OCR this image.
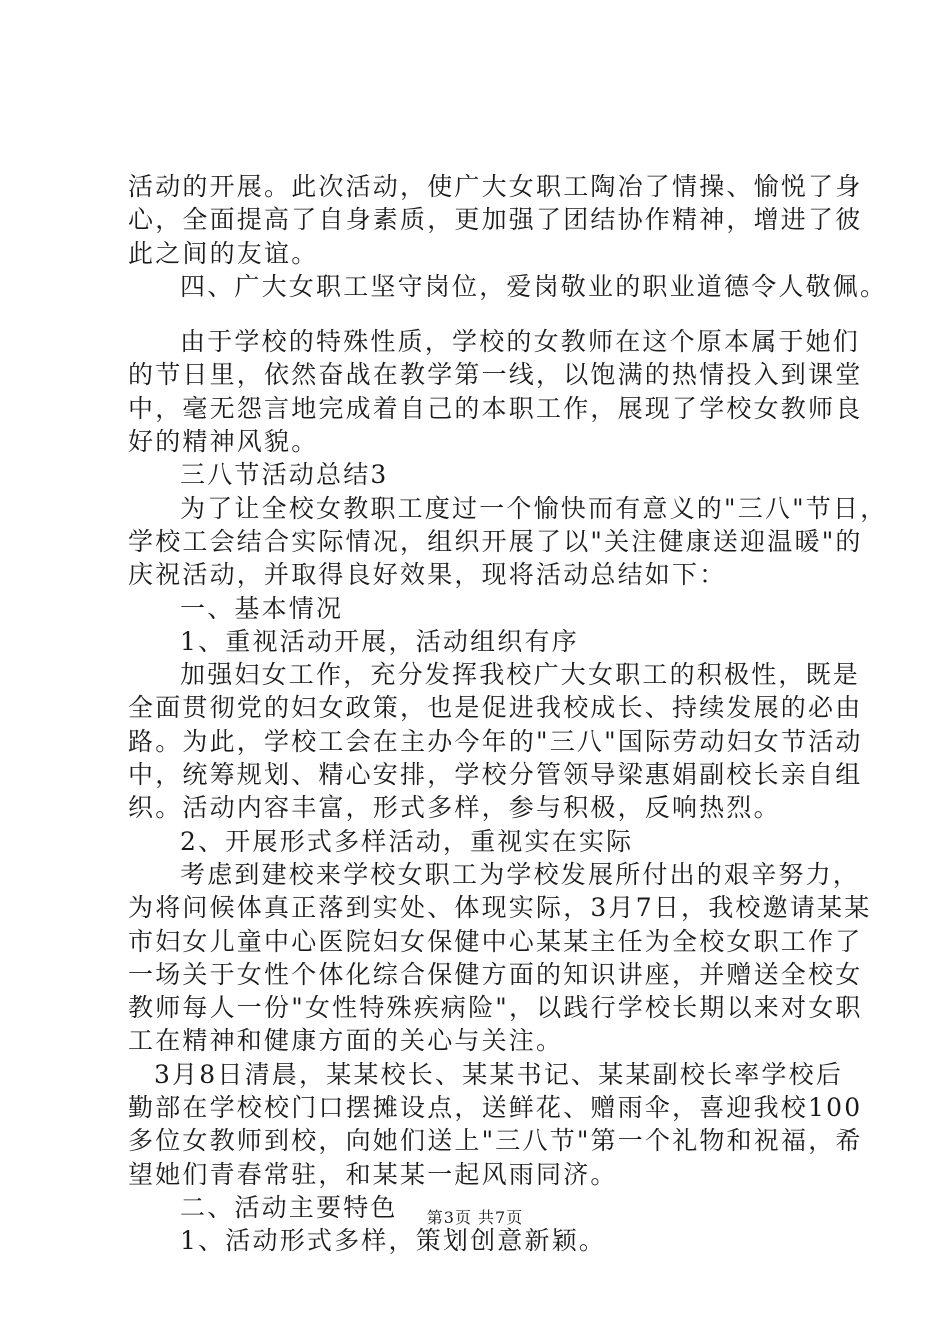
活动的开展。此次活动，使广大女职工陶冶了情操、愉悦了身
心，全面提高了自身素质，更加强了团结协作精神，增进了彼
此之间的友谊。
四、广大女职工坚守岗位，爱岗敬业的职业道德令人敬佩。
由于学校的特殊性质，学校的女教师在这个原本属于她们
的节日里，依然奋战在教学第一线，以饱满的热情投入到课堂
中，毫无怨言地完成着自己的本职工作，展现了学校女教师良
好的精神风貌。
三八节活动总结3
为了让全校女教职工度过一个愉快而有意义的"三八"节日，
学校工会结合实际情况，组织开展了以"关注健康送迎温暖"的
庆祝活动，并取得良好效果，现将活动总结如下：
一、基本情况
1、重视活动开展，活动组织有序
加强妇女工作，充分发挥我校广大女职工的积极性，既是
全面贯彻党的妇女政策，也是促进我校成长、持续发展的必由
路。为此，学校工会在主办今年的"三八"国际劳动妇女节活动
中，统筹规划、精心安排，学校分管领导梁惠娟副校长亲自组
织。活动内容丰富，形式多样，参与积极，反响热烈。
2、开展形式多样活动，重视实在实际
考虑到建校来学校女职工为学校发展所付出的艰辛努力，
为将问候体真正落到实处、体现实际，3月7日，我校邀请某某
市妇女儿童中心医院妇女保健中心某某主任为全校女职工作了
一场关于女性个体化综合保健方面的知识讲座，并赠送全校女
教师每人一份"女性特殊疾病险"，以践行学校长期以来对女职
工在精神和健康方面的关心与关注。
3月8日清晨，某某校长、某某书记、某某副校长率学校后
勤部在学校校门口摆摊设点，送鲜花、赠雨伞，喜迎我校100
多位女教师到校，向她们送上"三八节"第一个礼物和祝福，希
望她们青春常驻，和某某一起风雨同济。
二、活动主要特色
1、活动形式多样，策划创意新颖。
第3页 共7页
